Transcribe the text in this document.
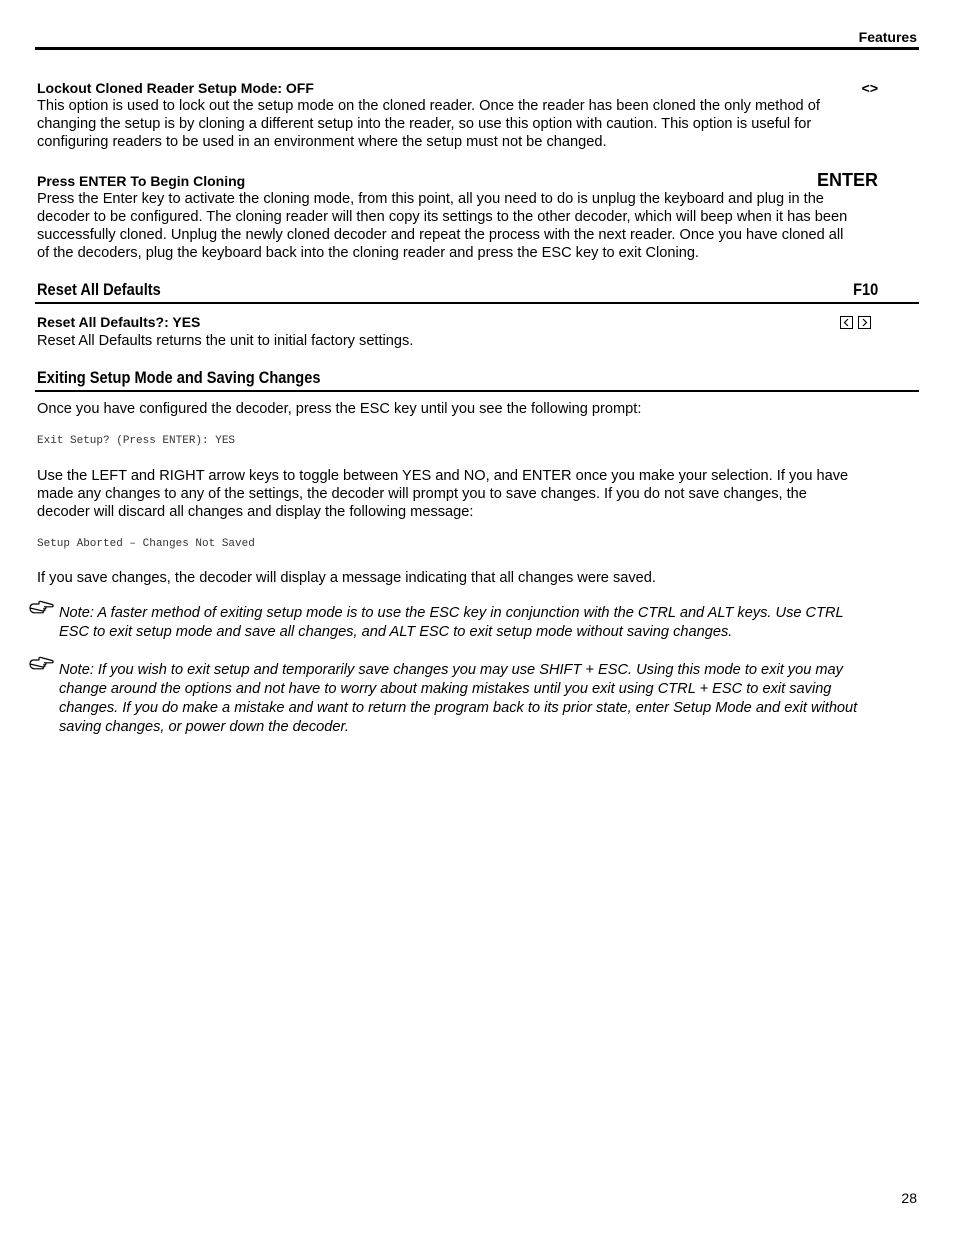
Features
Lockout Cloned Reader Setup Mode: OFF	<>
This option is used to lock out the setup mode on the cloned reader. Once the reader has been cloned the only method of
changing the setup is by cloning a different setup into the reader, so use this option with caution. This option is useful for
configuring readers to be used in an environment where the setup must not be changed.
Press ENTER To Begin Cloning	ENTER
Press the Enter key to activate the cloning mode, from this point, all you need to do is unplug the keyboard and plug in the
decoder to be configured. The cloning reader will then copy its settings to the other decoder, which will beep when it has been
successfully cloned. Unplug the newly cloned decoder and repeat the process with the next reader. Once you have cloned all
of the decoders, plug the keyboard back into the cloning reader and press the ESC key to exit Cloning.
Reset All Defaults	F10
Reset All Defaults?: YES
Reset All Defaults returns the unit to initial factory settings.
Exiting Setup Mode and Saving Changes
Once you have configured the decoder, press the ESC key until you see the following prompt:
Exit Setup? (Press ENTER): YES
Use the LEFT and RIGHT arrow keys to toggle between YES and NO, and ENTER once you make your selection. If you have
made any changes to any of the settings, the decoder will prompt you to save changes. If you do not save changes, the
decoder will discard all changes and display the following message:
Setup Aborted – Changes Not Saved
If you save changes, the decoder will display a message indicating that all changes were saved.
Note: A faster method of exiting setup mode is to use the ESC key in conjunction with the CTRL and ALT keys. Use CTRL
ESC to exit setup mode and save all changes, and ALT ESC to exit setup mode without saving changes.
Note: If you wish to exit setup and temporarily save changes you may use SHIFT + ESC. Using this mode to exit you may
change around the options and not have to worry about making mistakes until you exit using CTRL + ESC to exit saving
changes. If you do make a mistake and want to return the program back to its prior state, enter Setup Mode and exit without
saving changes, or power down the decoder.
28
